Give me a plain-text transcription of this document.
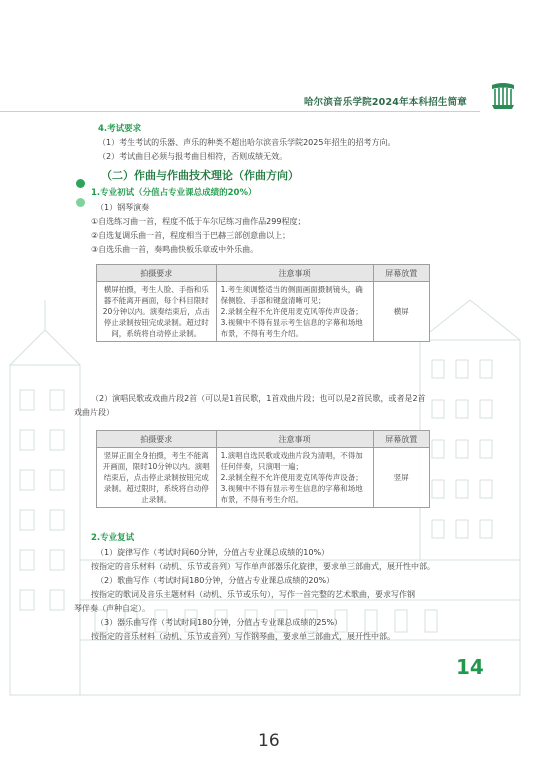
哈尔滨音乐学院2024年本科招生简章
4.考试要求
（1）考生考试的乐器、声乐的种类不超出哈尔滨音乐学院2025年招生的招考方向。
（2）考试曲目必须与报考曲目相符，否则成绩无效。
（二）作曲与作曲技术理论（作曲方向）
1.专业初试（分值占专业课总成绩的20%）
（1）钢琴演奏
①自选练习曲一首，程度不低于车尔尼练习曲作品299程度；
②自选复调乐曲一首，程度相当于巴赫三部创意曲以上；
③自选乐曲一首，奏鸣曲快板乐章或中外乐曲。
拍摄要求	注意事项	屏幕放置
横屏拍摄，考生人脸、手指和乐器不能离开画面，每个科目限时20分钟以内。演奏结束后，点击停止录制按钮完成录制。超过时间，系统将自动停止录制。	1.考生须调整适当的侧面画面摄制镜头，确保侧脸、手部和键盘清晰可见；
2.录制全程不允许使用麦克风等传声设备；
3.视频中不得有显示考生信息的字幕和场地布景，不得有考生介绍。	横屏
（2）演唱民歌或戏曲片段2首（可以是1首民歌，1首戏曲片段；也可以是2首民歌，或者是2首
戏曲片段）
拍摄要求	注意事项	屏幕放置
竖屏正面全身拍摄，考生不能离开画面，限时10分钟以内。演唱结束后，点击停止录制按钮完成录制。超过限时，系统将自动停止录制。	1.演唱自选民歌或戏曲片段为清唱，不得加任何伴奏，只演唱一遍；
2.录制全程不允许使用麦克风等传声设备；
3.视频中不得有显示考生信息的字幕和场地布景，不得有考生介绍。	竖屏
2.专业复试
（1）旋律写作（考试时间60分钟，分值占专业课总成绩的10%）
按指定的音乐材料（动机、乐节或音列）写作单声部器乐化旋律，要求单三部曲式，展开性中部。
（2）歌曲写作（考试时间180分钟，分值占专业课总成绩的20%）
按指定的歌词及音乐主题材料（动机、乐节或乐句），写作一首完整的艺术歌曲，要求写作钢
琴伴奏（声种自定）。
（3）器乐曲写作（考试时间180分钟，分值占专业课总成绩的25%）
按指定的音乐材料（动机、乐节或音列）写作钢琴曲，要求单三部曲式，展开性中部。
14
16
